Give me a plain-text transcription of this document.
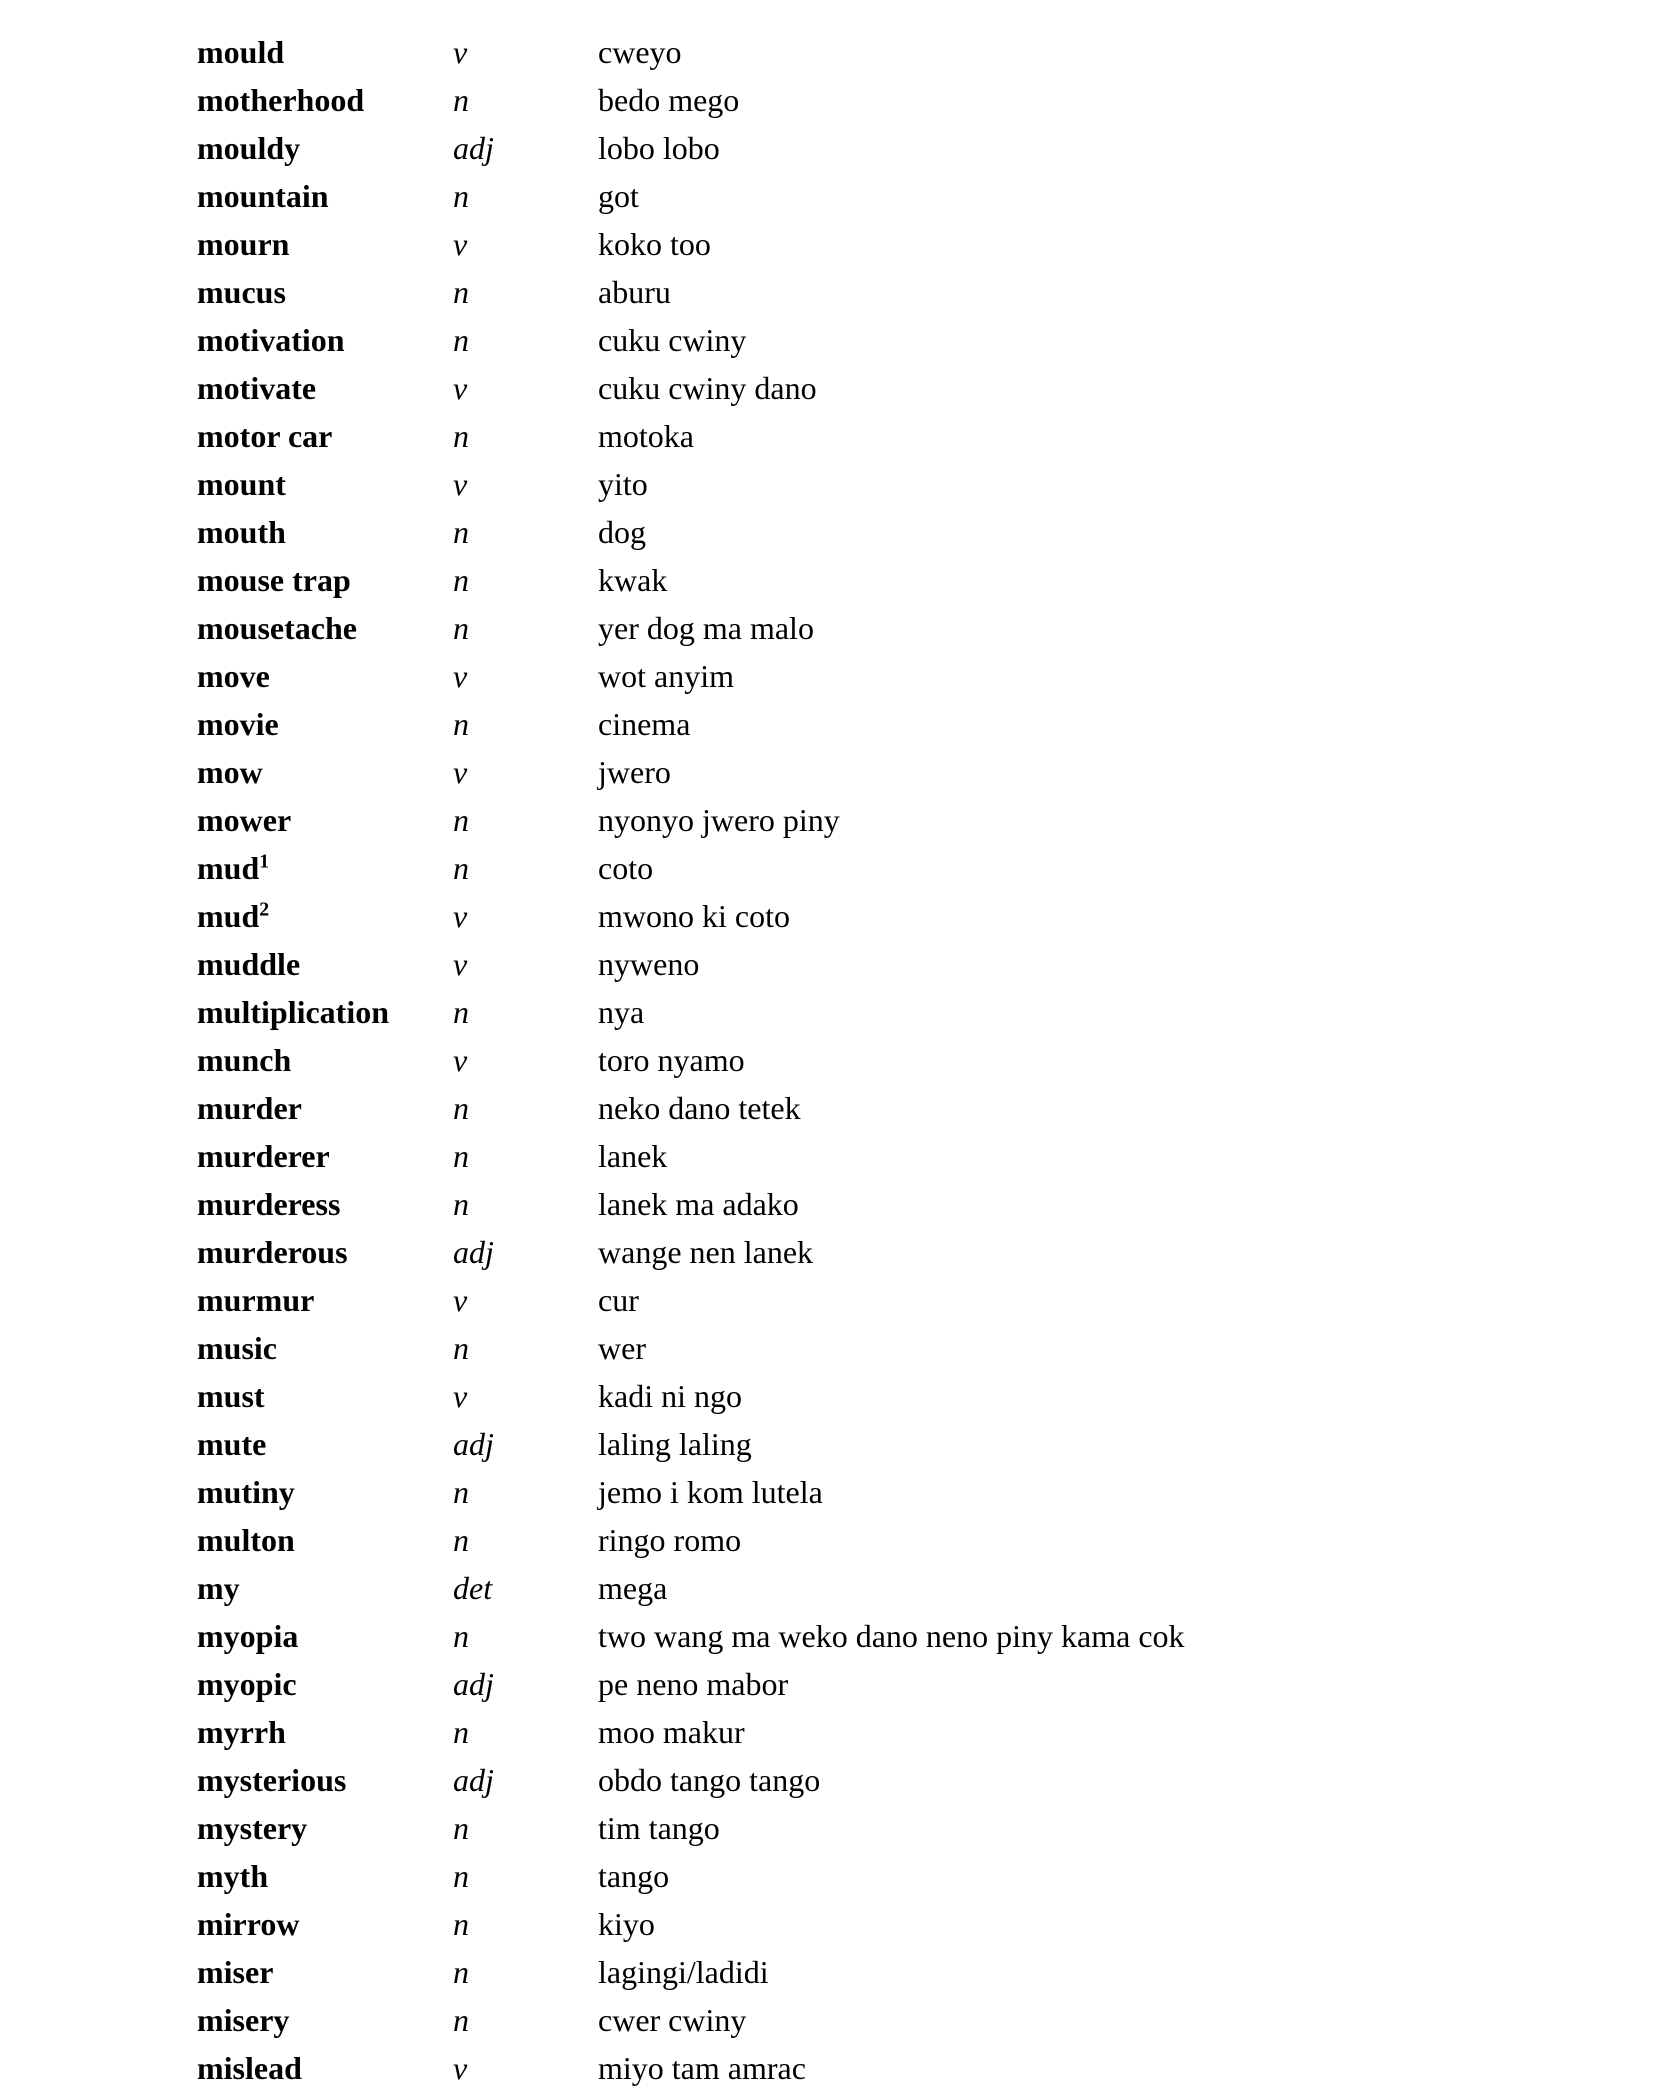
mould	v	cweyo
motherhood	n	bedo mego
mouldy	adj	lobo lobo
mountain	n	got
mourn	v	koko too
mucus	n	aburu
motivation	n	cuku cwiny
motivate	v	cuku cwiny dano
motor car	n	motoka
mount	v	yito
mouth	n	dog
mouse trap	n	kwak
mousetache	n	yer dog ma malo
move	v	wot anyim
movie	n	cinema
mow	v	jwero
mower	n	nyonyo jwero piny
mud$^1$	n	coto
mud$^2$	v	mwono ki coto
muddle	v	nyweno
multiplication	n	nya
munch	v	toro nyamo
murder	n	neko dano tetek
murderer	n	lanek
murderess	n	lanek ma adako
murderous	adj	wange nen lanek
murmur	v	cur
music	n	wer
must	v	kadi ni ngo
mute	adj	laling laling
mutiny	n	jemo i kom lutela
multon	n	ringo romo
my	det	mega
myopia	n	two wang ma weko dano neno piny kama cok
myopic	adj	pe neno mabor
myrrh	n	moo makur
mysterious	adj	obdo tango tango
mystery	n	tim tango
myth	n	tango
mirrow	n	kiyo
miser	n	lagingi/ladidi
misery	n	cwer cwiny
mislead	v	miyo tam amrac
